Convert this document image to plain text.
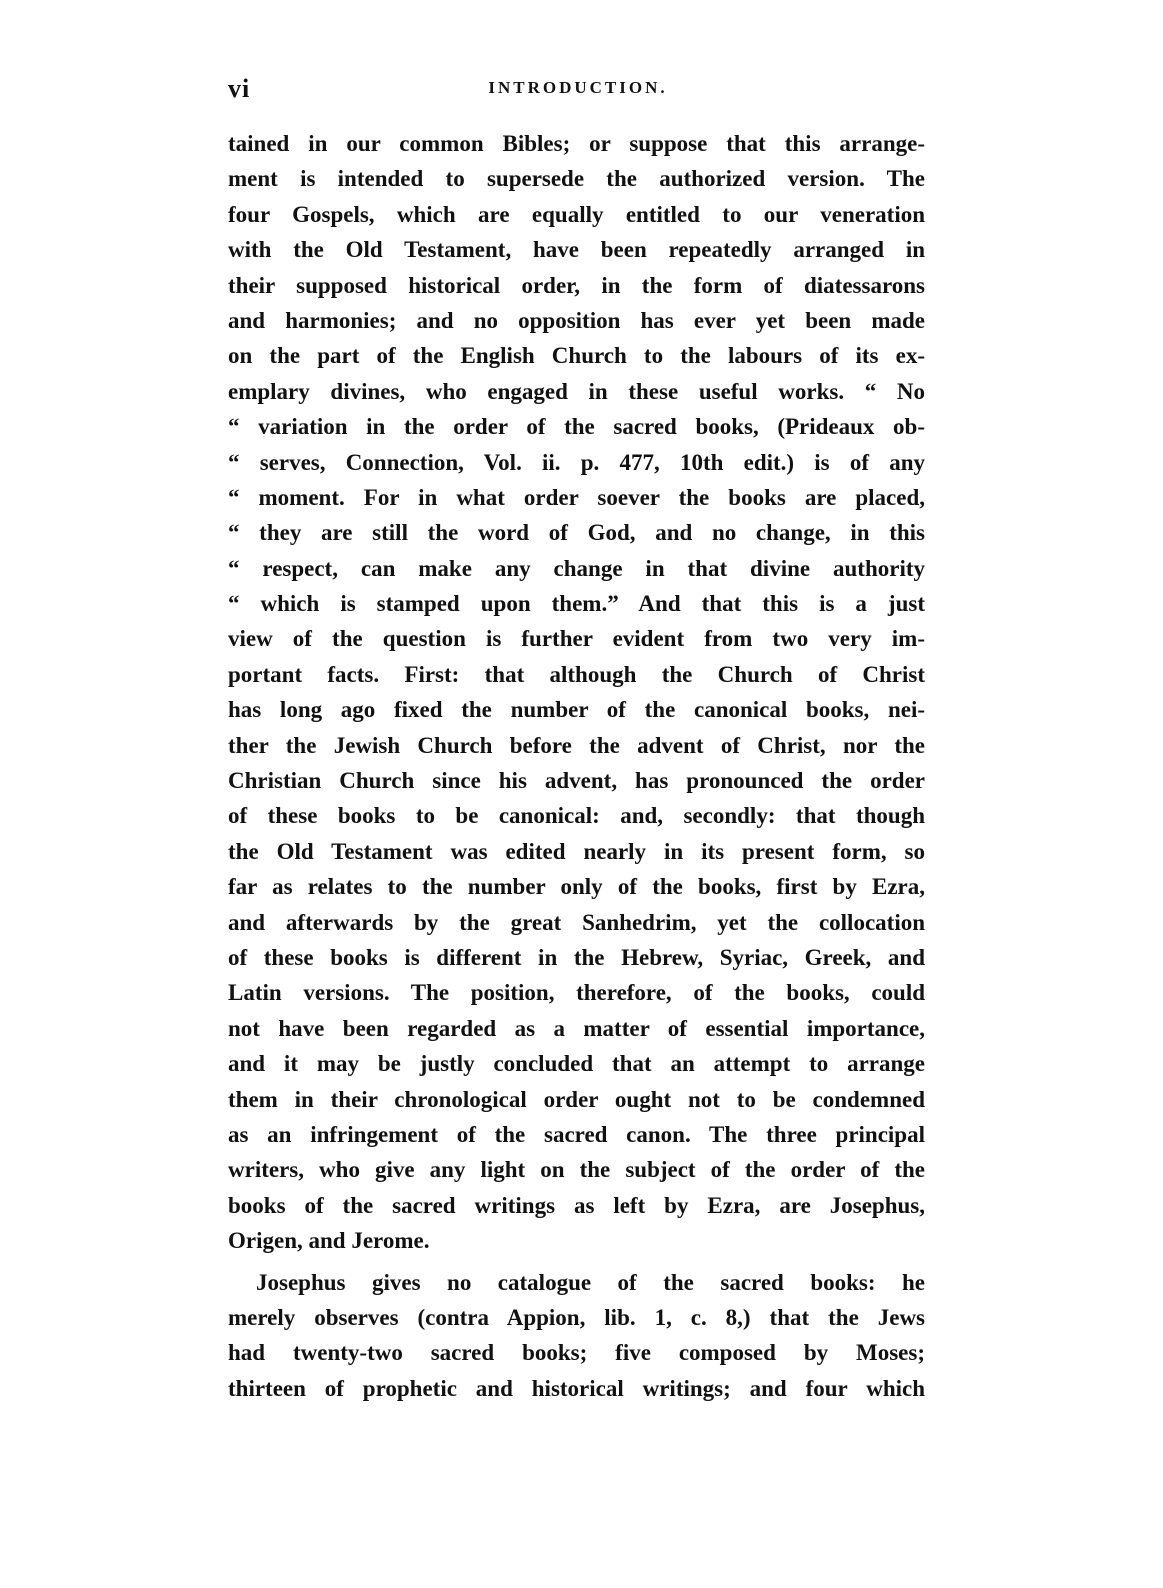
vi	INTRODUCTION.
tained in our common Bibles; or suppose that this arrange-
ment is intended to supersede the authorized version. The
four Gospels, which are equally entitled to our veneration
with the Old Testament, have been repeatedly arranged in
their supposed historical order, in the form of diatessarons
and harmonies; and no opposition has ever yet been made
on the part of the English Church to the labours of its ex-
emplary divines, who engaged in these useful works. “ No
“ variation in the order of the sacred books, (Prideaux ob-
“ serves, Connection, Vol. ii. p. 477, 10th edit.) is of any
“ moment. For in what order soever the books are placed,
“ they are still the word of God, and no change, in this
“ respect, can make any change in that divine authority
“ which is stamped upon them.” And that this is a just
view of the question is further evident from two very im-
portant facts. First: that although the Church of Christ
has long ago fixed the number of the canonical books, nei-
ther the Jewish Church before the advent of Christ, nor the
Christian Church since his advent, has pronounced the order
of these books to be canonical: and, secondly: that though
the Old Testament was edited nearly in its present form, so
far as relates to the number only of the books, first by Ezra,
and afterwards by the great Sanhedrim, yet the collocation
of these books is different in the Hebrew, Syriac, Greek, and
Latin versions. The position, therefore, of the books, could
not have been regarded as a matter of essential importance,
and it may be justly concluded that an attempt to arrange
them in their chronological order ought not to be condemned
as an infringement of the sacred canon. The three principal
writers, who give any light on the subject of the order of the
books of the sacred writings as left by Ezra, are Josephus,
Origen, and Jerome.
Josephus gives no catalogue of the sacred books: he
merely observes (contra Appion, lib. 1, c. 8,) that the Jews
had twenty-two sacred books; five composed by Moses;
thirteen of prophetic and historical writings; and four which
